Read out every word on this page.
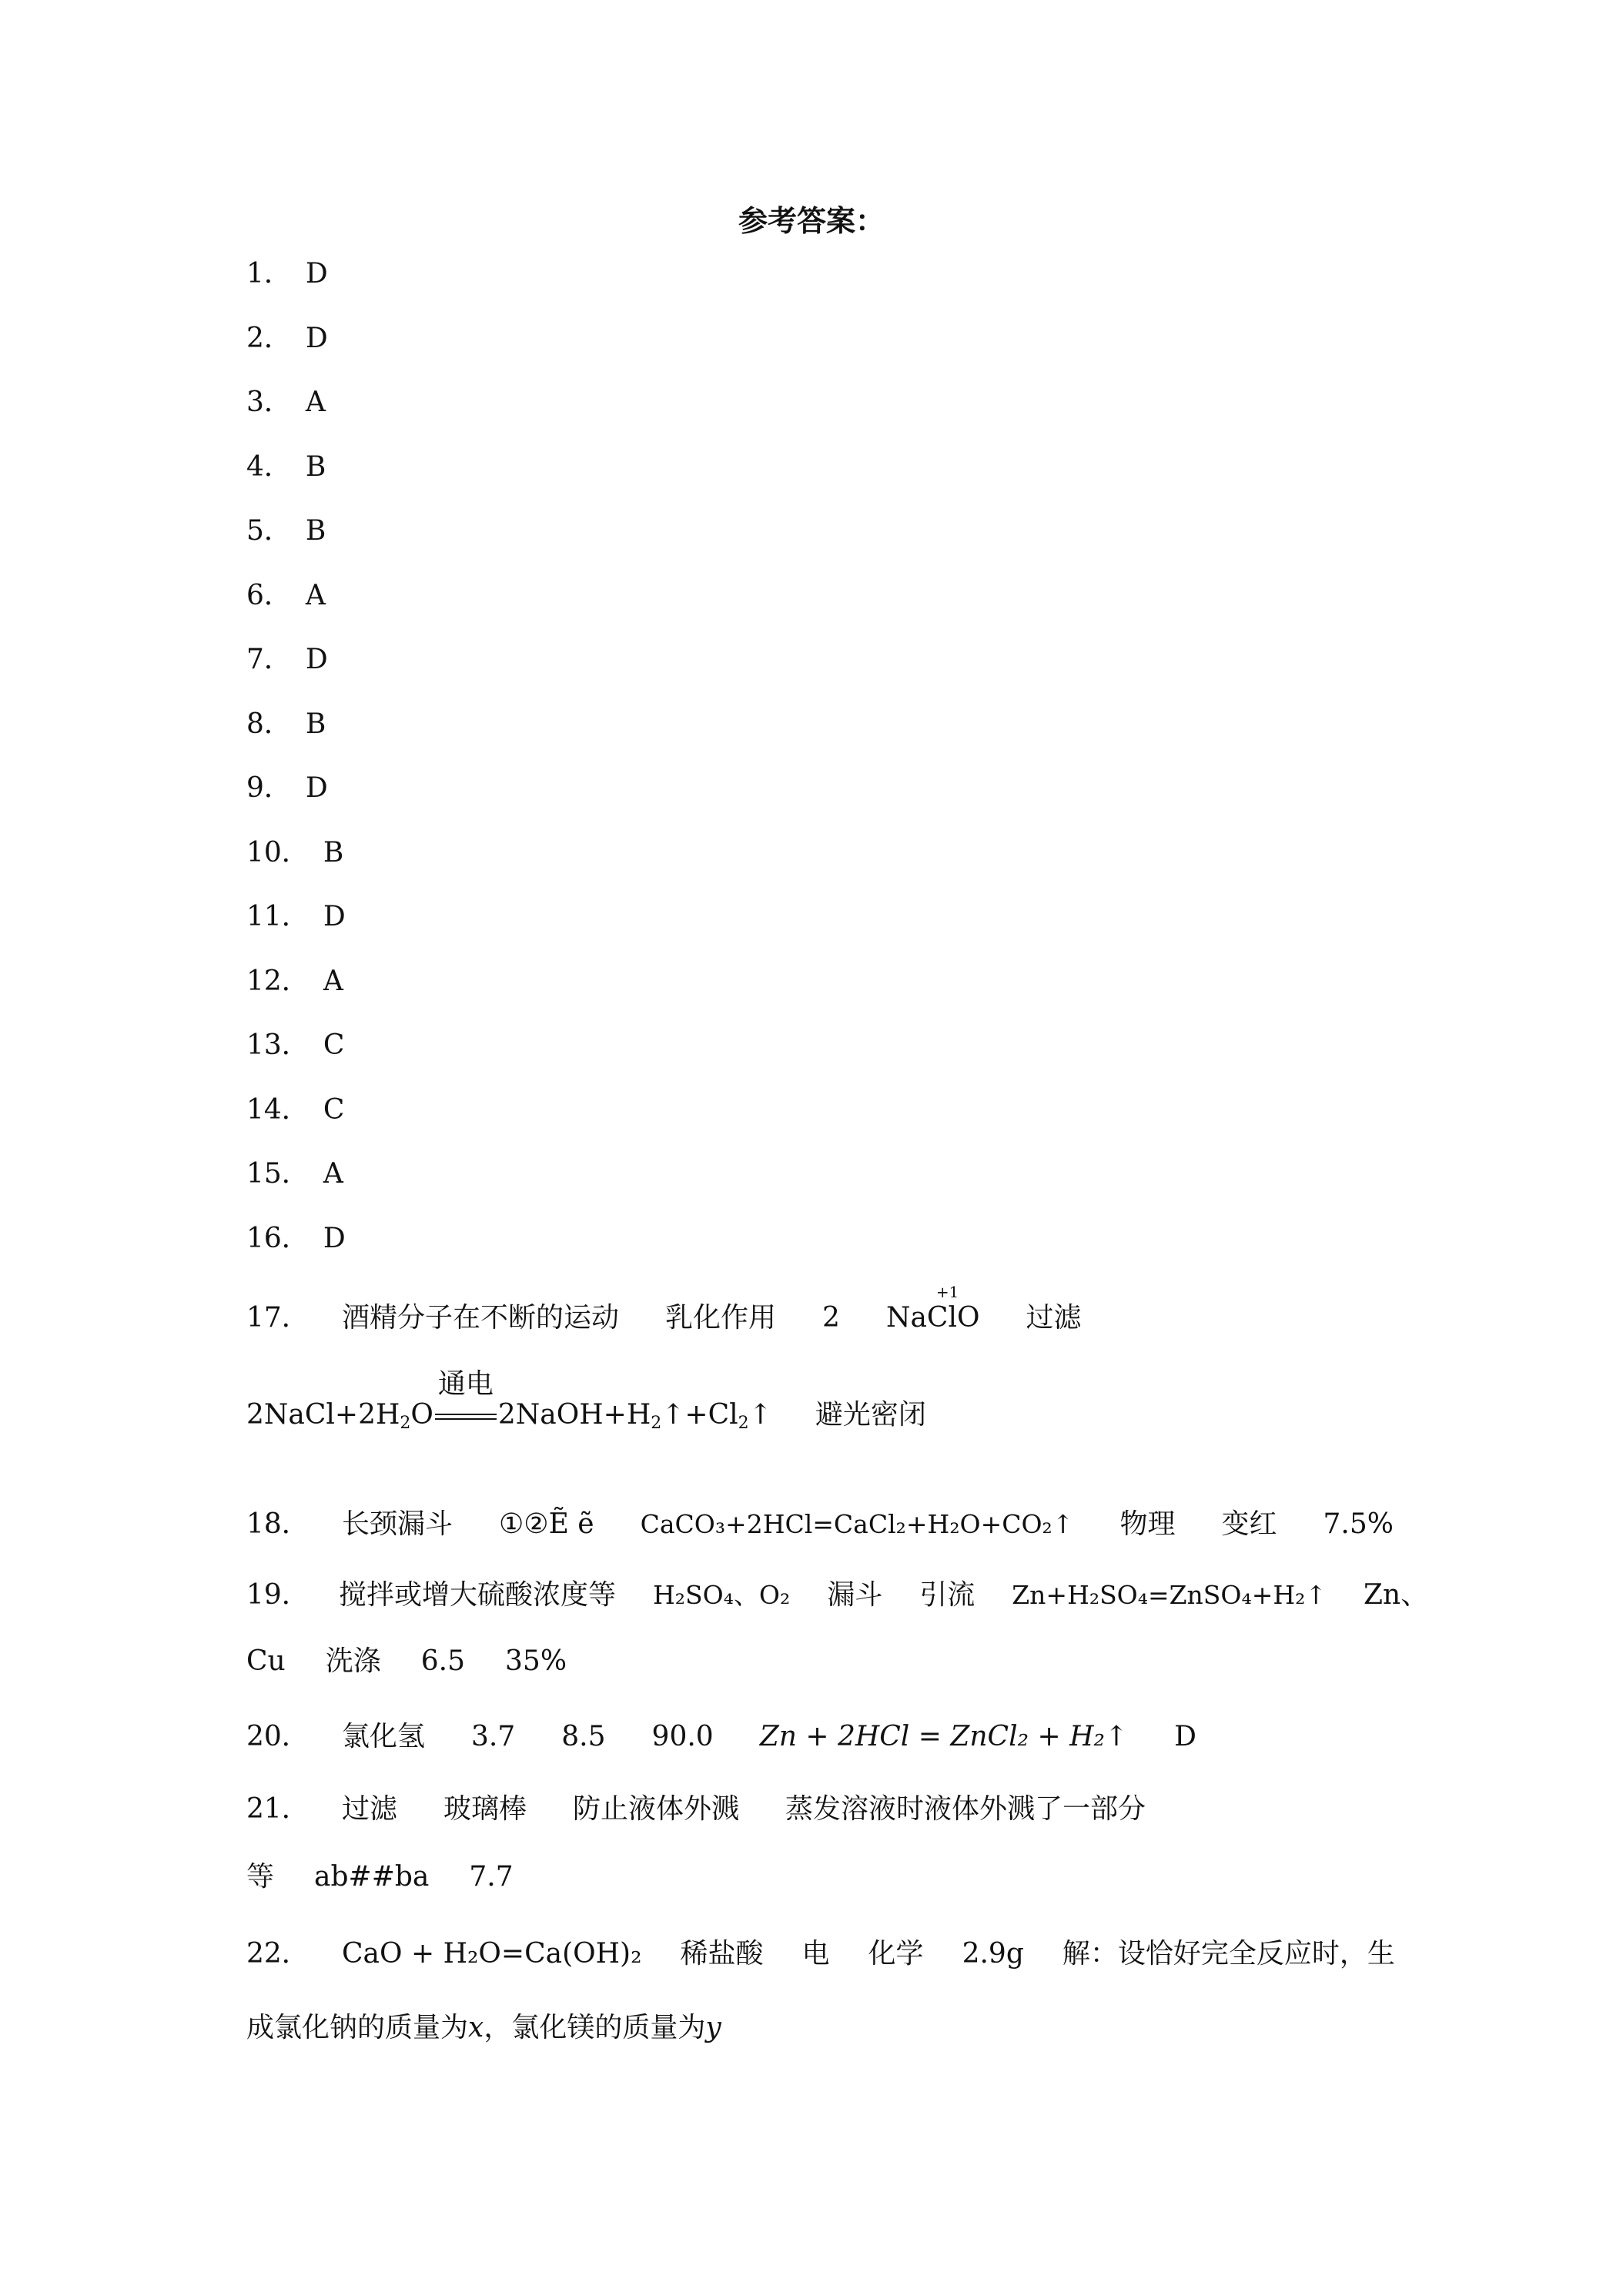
参考答案：
1． D
2． D
3． A
4． B
5． B
6． A
7． D
8． B
9． D
10． B
11． D
12． A
13． C
14． C
15． A
16． D
17．	酒精分子在不断的运动 乳化作用 2 Na
+1
ClO 过滤
$2NaCl+2H_2O$
通电
$2NaOH+H_2↑+Cl_2↑$ 避光密闭
18．	长颈漏斗 ①②Ẽ ẽ CaCO₃+2HCl=CaCl₂+H₂O+CO₂↑ 物理 变红 7.5%
19．	搅拌或增大硫酸浓度等 H₂SO₄、O₂ 漏斗 引流 Zn+H₂SO₄=ZnSO₄+H₂↑ Zn、
Cu 洗涤 6.5 35%
20．	氯化氢 3.7 8.5 90.0 Zn + 2HCl = ZnCl₂ + H₂↑ D
21．	过滤 玻璃棒 防止液体外溅 蒸发溶液时液体外溅了一部分
等 ab##ba 7.7
22．	CaO + H₂O=Ca(OH)₂ 稀盐酸 电 化学 2.9g 解：设恰好完全反应时，生
成氯化钠的质量为 x ，氯化镁的质量为 y
